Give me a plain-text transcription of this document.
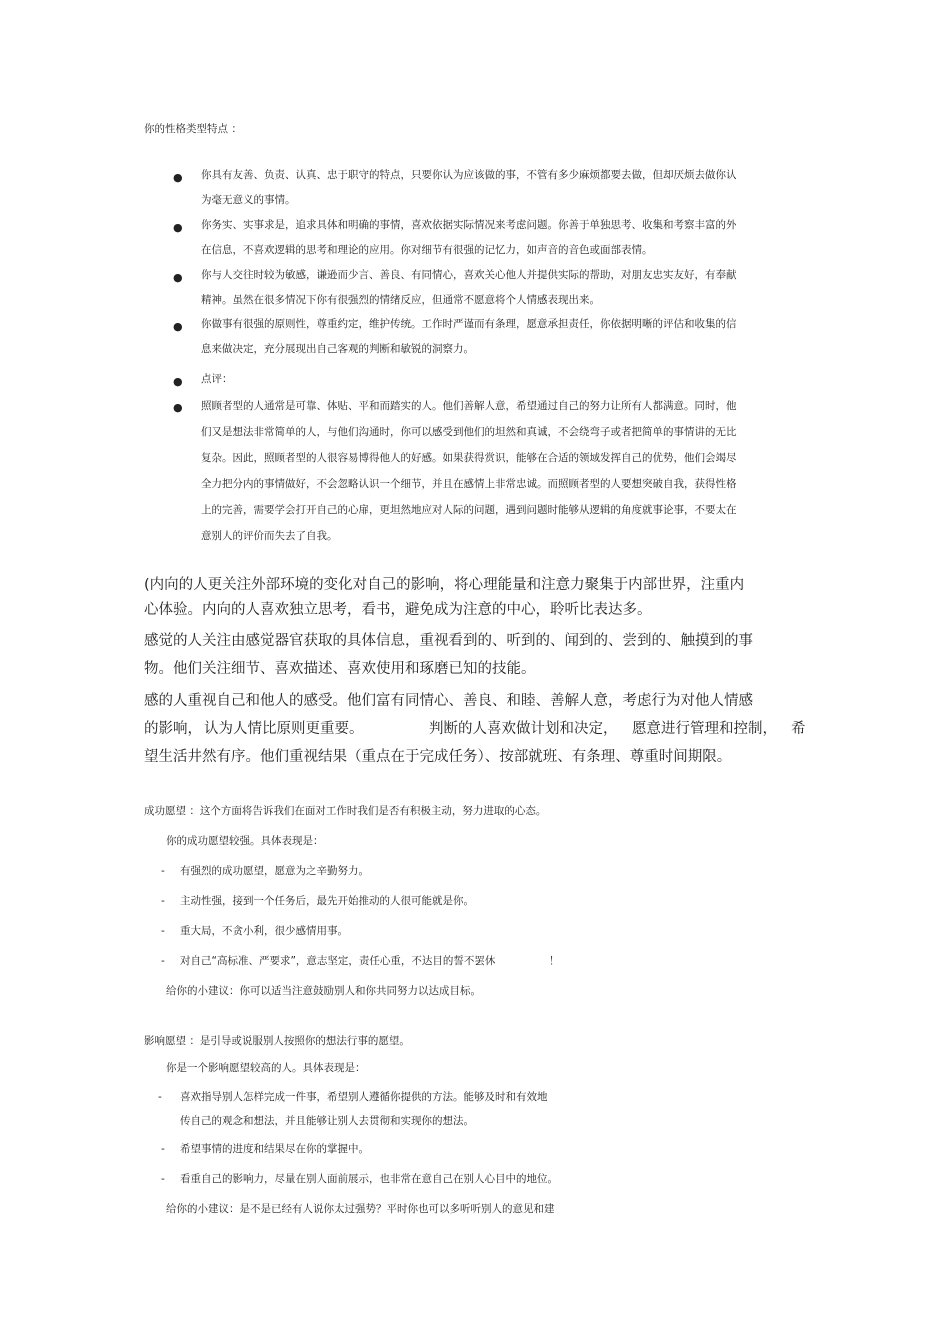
你的性格类型特点 ：
● 你具有友善、负责、认真、忠于职守的特点，只要你认为应该做的事，不管有多少麻烦都要去做，但却厌烦去做你认
为毫无意义的事情。
● 你务实、实事求是，追求具体和明确的事情，喜欢依据实际情况来考虑问题。你善于单独思考、收集和考察丰富的外
在信息，不喜欢逻辑的思考和理论的应用。你对细节有很强的记忆力，如声音的音色或面部表情。
● 你与人交往时较为敏感，谦逊而少言、善良、有同情心，喜欢关心他人并提供实际的帮助，对朋友忠实友好，有奉献
精神。虽然在很多情况下你有很强烈的情绪反应，但通常不愿意将个人情感表现出来。
● 你做事有很强的原则性，尊重约定，维护传统。工作时严谨而有条理，愿意承担责任，你依据明晰的评估和收集的信
息来做决定，充分展现出自己客观的判断和敏锐的洞察力。
● 点评：
● 照顾者型的人通常是可靠、体贴、平和而踏实的人。他们善解人意，希望通过自己的努力让所有人都满意。同时，他
们又是想法非常简单的人，与他们沟通时，你可以感受到他们的坦然和真诚，不会绕弯子或者把简单的事情讲的无比
复杂。因此，照顾者型的人很容易博得他人的好感。如果获得赏识，能够在合适的领域发挥自己的优势，他们会竭尽
全力把分内的事情做好，不会忽略认识一个细节，并且在感情上非常忠诚。而照顾者型的人要想突破自我，获得性格
上的完善，需要学会打开自己的心扉，更坦然地应对人际的问题，遇到问题时能够从逻辑的角度就事论事，不要太在
意别人的评价而失去了自我。
(内向的人更关注外部环境的变化对自己的影响，将心理能量和注意力聚集于内部世界，注重内
心体验。内向的人喜欢独立思考，看书，避免成为注意的中心，聆听比表达多。
感觉的人关注由感觉器官获取的具体信息，重视看到的、听到的、闻到的、尝到的、触摸到的事
物。他们关注细节、喜欢描述、喜欢使用和琢磨已知的技能。
感的人重视自己和他人的感受。他们富有同情心、善良、和睦、善解人意，考虑行为对他人情感
的影响， 认为人情比原则更重要。	判断的人喜欢做计划和决定， 愿意进行管理和控制， 希
望生活井然有序。他们重视结果（重点在于完成任务）、按部就班、有条理、尊重时间期限。
成功愿望 ：这个方面将告诉我们在面对工作时我们是否有积极主动，努力进取的心态。
你的成功愿望较强。具体表现是：
- 有强烈的成功愿望，愿意为之辛勤努力。
- 主动性强，接到一个任务后，最先开始推动的人很可能就是你。
- 重大局，不贪小利，很少感情用事。
- 对自己“高标准、严要求”，意志坚定，责任心重，不达目的誓不罢休	！
给你的小建议：你可以适当注意鼓励别人和你共同努力以达成目标。
影响愿望 ：是引导或说服别人按照你的想法行事的愿望。
你是一个影响愿望较高的人。具体表现是：
- 喜欢指导别人怎样完成一件事，希望别人遵循你提供的方法。能够及时和有效地
传自己的观念和想法，并且能够让别人去贯彻和实现你的想法。
- 希望事情的进度和结果尽在你的掌握中。
- 看重自己的影响力，尽量在别人面前展示，也非常在意自己在别人心目中的地位。
给你的小建议：是不是已经有人说你太过强势？平时你也可以多听听别人的意见和建
